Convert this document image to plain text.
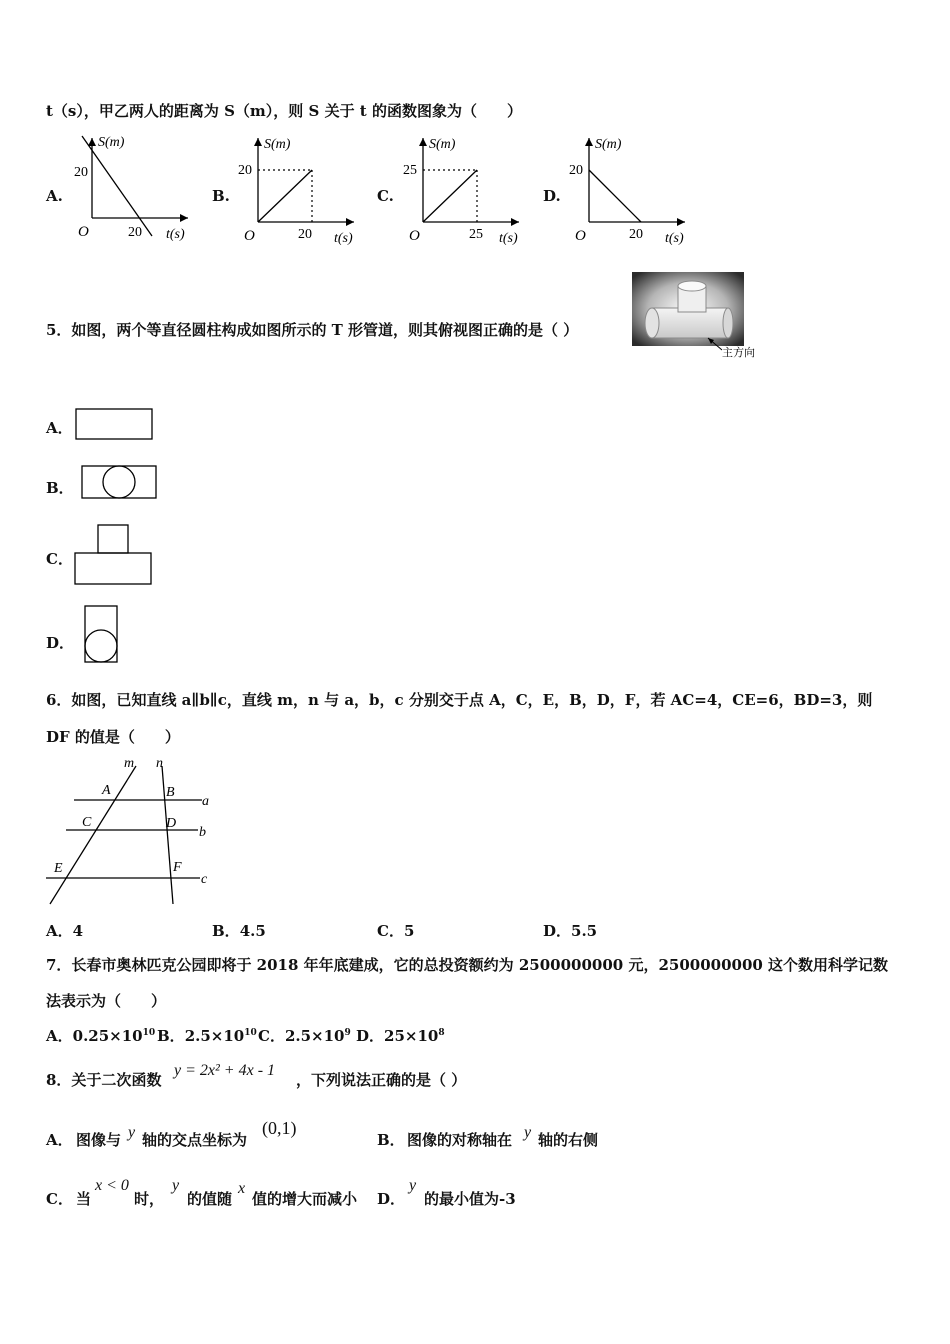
t（s），甲乙两人的距离为 S（m），则 S 关于 t 的函数图象为（　　）
A.
S(m)
20
O	20 t(s)
B.
S(m)
20
O	20 t(s)
C.
S(m)
25
O	25 t(s)
D.
S(m)
20
O	20 t(s)
5．如图，两个等直径圆柱构成如图所示的 T 形管道，则其俯视图正确的是（ ）
主方向
A．
B．
C．
D．
6．如图，已知直线 a∥b∥c，直线 m，n 与 a，b，c 分别交于点 A，C，E，B，D，F，若 AC=4，CE=6，BD=3，则
DF 的值是（　　）
m n
A	B
a
C	D
b
E	F
c
A．4	B．4.5	C．5	D．5.5
7．长春市奥林匹克公园即将于 2018 年年底建成，它的总投资额约为 2500000000 元，2500000000 这个数用科学记数
法表示为（　　）
A．$0.25\times 10^{10}$ B．$2.5\times 10^{10}$ C．$2.5\times 10^9$ D．$25\times 10^8$
8．关于二次函数
y = 2x² + 4x - 1
，下列说法正确的是（ ）
A． 图像与 y 轴的交点坐标为
(0,1)
B． 图像的对称轴在 y 轴的右侧
C． 当
x < 0
时，
y
的值随
x
值的增大而减小 D．
y
的最小值为-3
